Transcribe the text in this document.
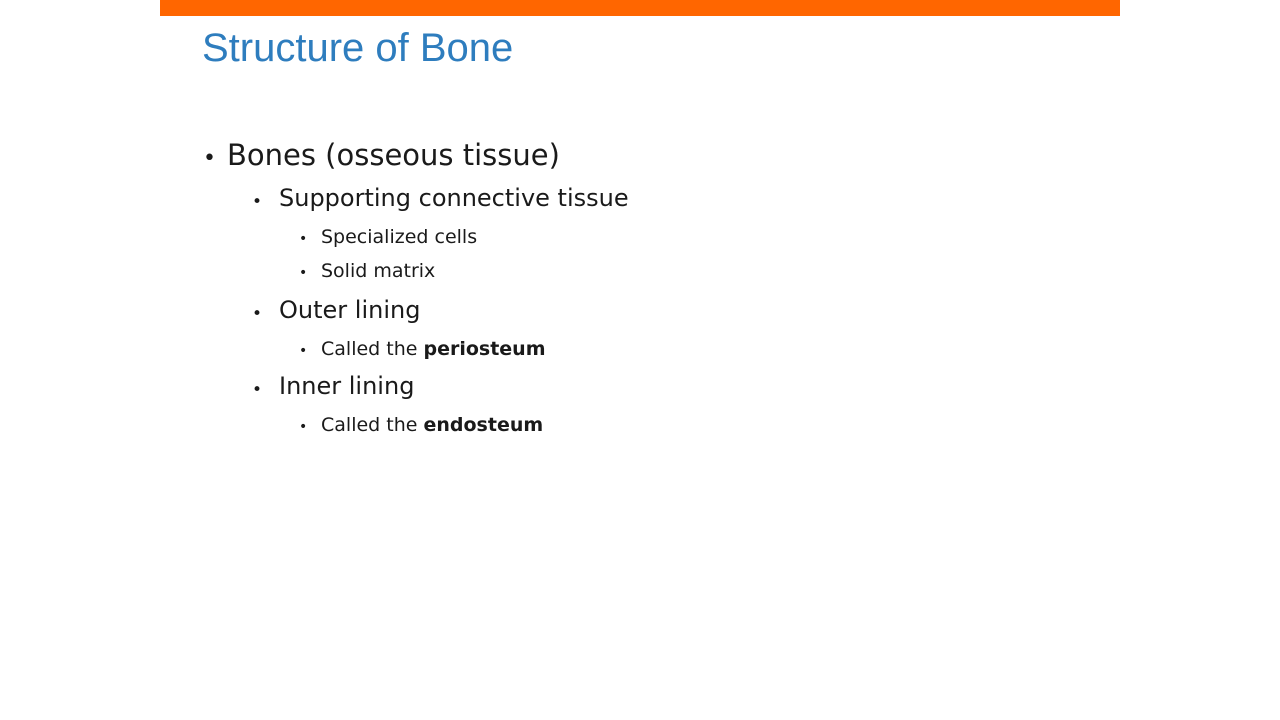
Structure of Bone
• Bones (osseous tissue)
• Supporting connective tissue
• Specialized cells
• Solid matrix
• Outer lining
• Called the periosteum
• Inner lining
• Called the endosteum
